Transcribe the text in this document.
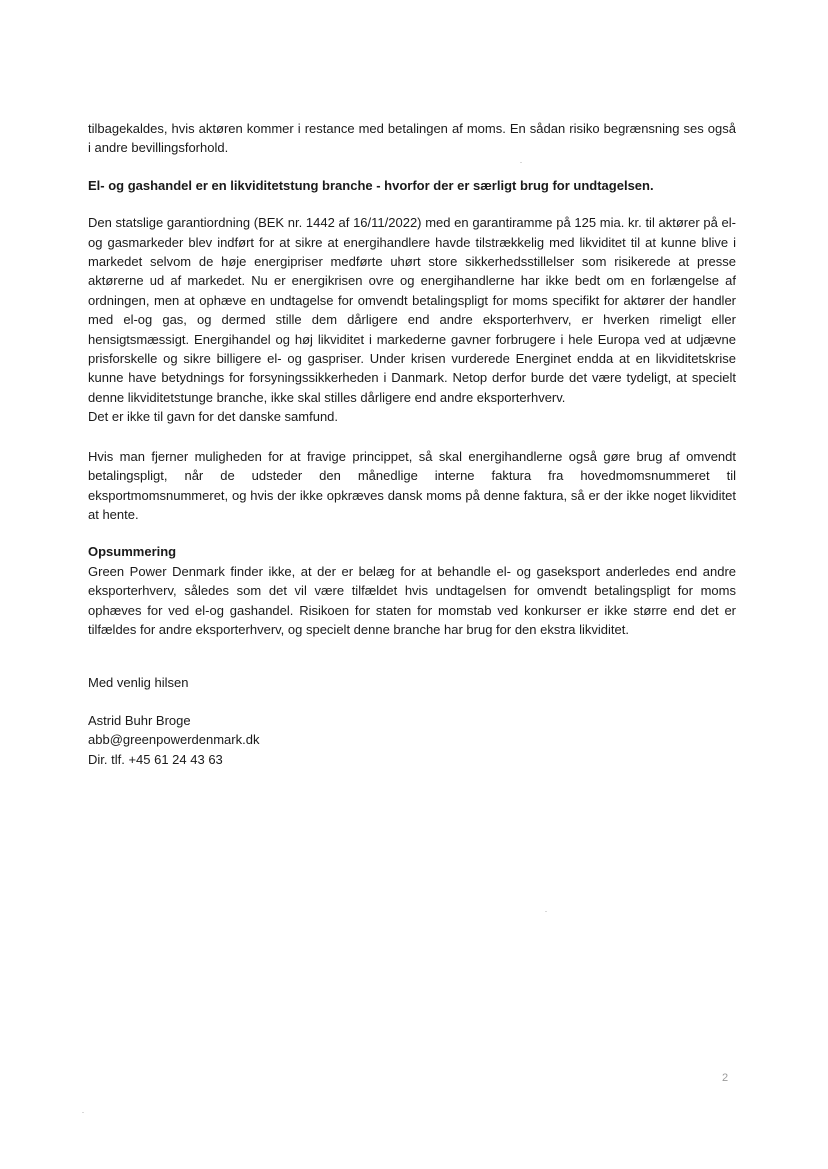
tilbagekaldes, hvis aktøren kommer i restance med betalingen af moms. En sådan risiko begrænsning ses også i andre bevillingsforhold.

El- og gashandel er en likviditetstung branche - hvorfor der er særligt brug for undtagelsen.

Den statslige garantiordning (BEK nr. 1442 af 16/11/2022) med en garantiramme på 125 mia. kr. til aktører på el- og gasmarkeder blev indført for at sikre at energihandlere havde tilstrækkelig med likviditet til at kunne blive i markedet selvom de høje energipriser medførte uhørt store sikkerhedsstillelser som risikerede at presse aktørerne ud af markedet. Nu er energikrisen ovre og energihandlerne har ikke bedt om en forlængelse af ordningen, men at ophæve en undtagelse for omvendt betalingspligt for moms specifikt for aktører der handler med el-og gas, og dermed stille dem dårligere end andre eksporterhverv, er hverken rimeligt eller hensigtsmæssigt. Energihandel og høj likviditet i markederne gavner forbrugere i hele Europa ved at udjævne prisforskelle og sikre billigere el- og gaspriser. Under krisen vurderede Energinet endda at en likviditetskrise kunne have betydnings for forsyningssikkerheden i Danmark. Netop derfor burde det være tydeligt, at specielt denne likviditetstunge branche, ikke skal stilles dårligere end andre eksporterhverv.

Det er ikke til gavn for det danske samfund.

Hvis man fjerner muligheden for at fravige princippet, så skal energihandlerne også gøre brug af omvendt betalingspligt, når de udsteder den månedlige interne faktura fra hovedmomsnummeret til eksportmomsnummeret, og hvis der ikke opkræves dansk moms på denne faktura, så er der ikke noget likviditet at hente.

Opsummering

Green Power Denmark finder ikke, at der er belæg for at behandle el- og gaseksport anderledes end andre eksporterhverv, således som det vil være tilfældet hvis undtagelsen for omvendt betalingspligt for moms ophæves for ved el-og gashandel. Risikoen for staten for momstab ved konkurser er ikke større end det er tilfældes for andre eksporterhverv, og specielt denne branche har brug for den ekstra likviditet.

Med venlig hilsen

Astrid Buhr Broge
abb@greenpowerdenmark.dk
Dir. tlf. +45 61 24 43 63
2
